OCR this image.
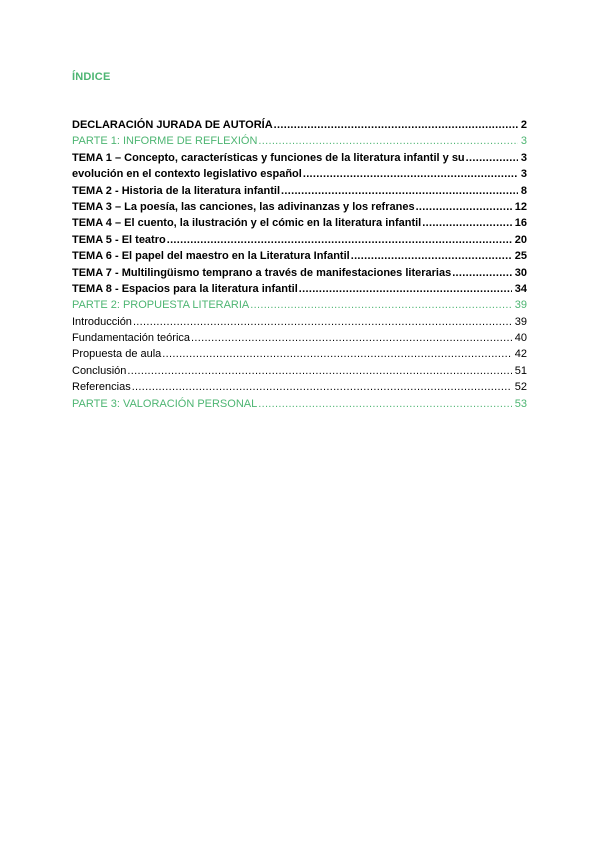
ÍNDICE
DECLARACIÓN JURADA DE AUTORÍA .....	2
PARTE 1: INFORME DE REFLEXIÓN .....	3
TEMA 1 – Concepto, características y funciones de la literatura infantil y su .....	3
evolución en el contexto legislativo español .....	3
TEMA 2 - Historia de la literatura infantil .....	8
TEMA 3 – La poesía, las canciones, las adivinanzas y los refranes .....	12
TEMA 4 – El cuento, la ilustración y el cómic en la literatura infantil .....	16
TEMA 5 - El teatro .....	20
TEMA 6 - El papel del maestro en la Literatura Infantil .....	25
TEMA 7 - Multilingüismo temprano a través de manifestaciones literarias .....	30
TEMA 8 - Espacios para la literatura infantil .....	34
PARTE 2: PROPUESTA LITERARIA .....	39
Introducción .....	39
Fundamentación teórica .....	40
Propuesta de aula .....	42
Conclusión .....	51
Referencias .....	52
PARTE 3: VALORACIÓN PERSONAL .....	53
